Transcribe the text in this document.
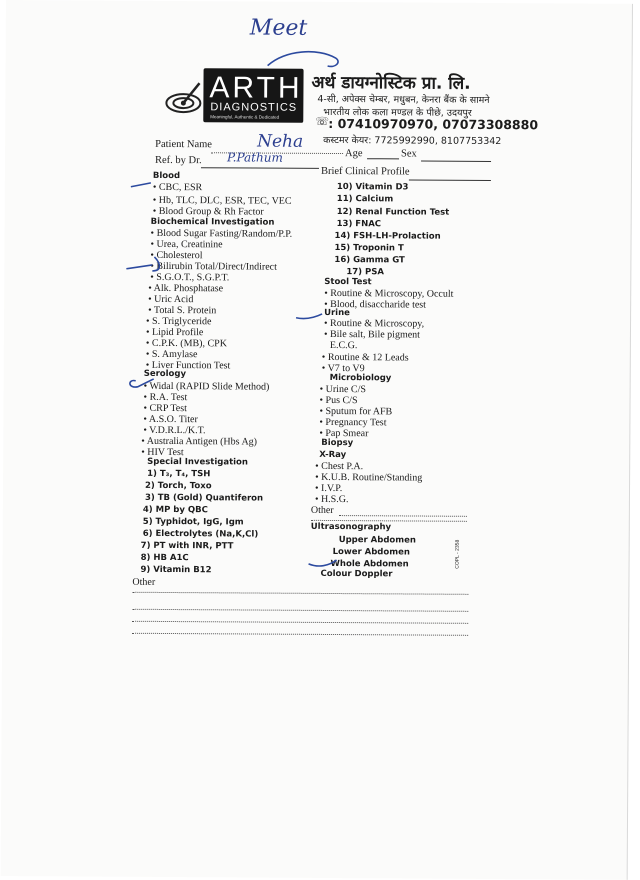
Meet
ARTH
DIAGNOSTICS
Meaningful, Authentic & Dedicated
अर्थ डायग्नोस्टिक प्रा. लि.
4-सी, अपेक्स चेम्बर, मधुबन, केनरा बैंक के सामने
भारतीय लोक कला मण्डल के पीछे, उदयपुर
☏ : 07410970970, 07073308880
कस्टमर केयर: 7725992990, 8107753342
Patient Name	Neha
Age	Sex
Ref. by Dr. P.Pathum
Brief Clinical Profile
Blood
• CBC, ESR
• Hb, TLC, DLC, ESR, TEC, VEC
• Blood Group & Rh Factor
Biochemical Investigation
• Blood Sugar Fasting/Random/P.P.
• Urea, Creatinine
• Cholesterol
• Bilirubin Total/Direct/Indirect
• S.G.O.T., S.G.P.T.
• Alk. Phosphatase
• Uric Acid
• Total S. Protein
• S. Triglyceride
• Lipid Profile
• C.P.K. (MB), CPK
• S. Amylase
• Liver Function Test
Serology
• Widal (RAPID Slide Method)
• R.A. Test
• CRP Test
• A.S.O. Titer
• V.D.R.L./K.T.
• Australia Antigen (Hbs Ag)
• HIV Test
Special Investigation
1) T₃, T₄, TSH
2) Torch, Toxo
3) TB (Gold) Quantiferon
4) MP by QBC
5) Typhidot, IgG, Igm
6) Electrolytes (Na,K,Cl)
7) PT with INR, PTT
8) HB A1C
9) Vitamin B12
Other
10) Vitamin D3
11) Calcium
12) Renal Function Test
13) FNAC
14) FSH-LH-Prolaction
15) Troponin T
16) Gamma GT
17) PSA
Stool Test
• Routine & Microscopy, Occult
• Blood, disaccharide test
Urine
• Routine & Microscopy,
• Bile salt, Bile pigment
E.C.G.
• Routine & 12 Leads
• V7 to V9
Microbiology
• Urine C/S
• Pus C/S
• Sputum for AFB
• Pregnancy Test
• Pap Smear
Biopsy
X-Ray
• Chest P.A.
• K.U.B. Routine/Standing
• I.V.P.
• H.S.G.
Other
Ultrasonography
Upper Abdomen
Lower Abdomen
Whole Abdomen
Colour Doppler
COPL - 2358
